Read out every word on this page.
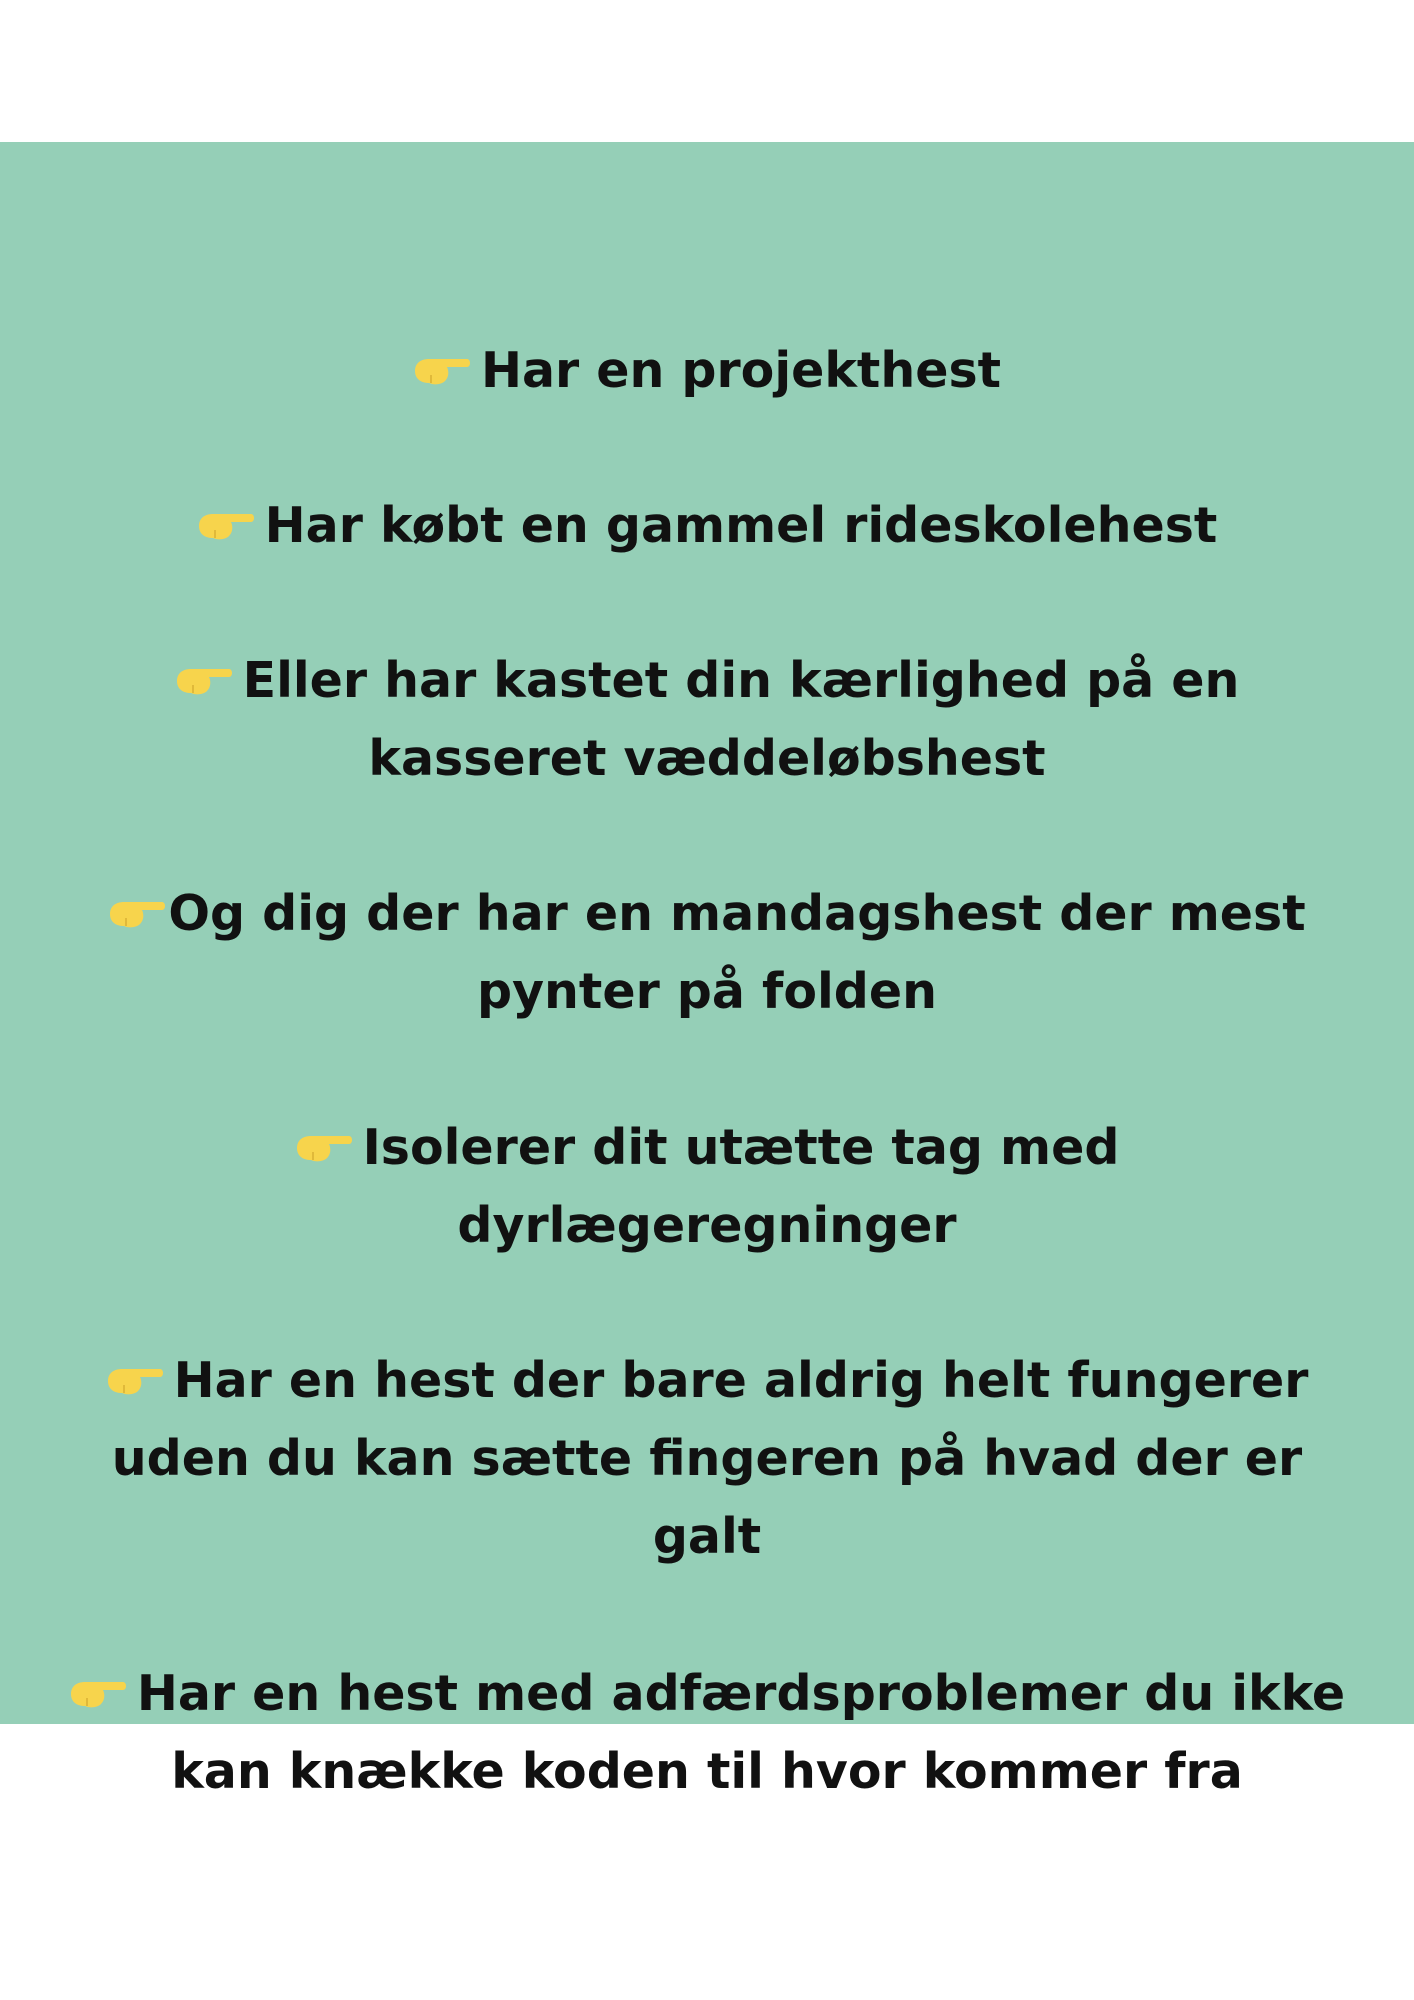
Har en projekthest

Har købt en gammel rideskolehest

Eller har kastet din kærlighed på en
kasseret væddeløbshest

Og dig der har en mandagshest der mest
pynter på folden

Isolerer dit utætte tag med
dyrlægeregninger

Har en hest der bare aldrig helt fungerer
uden du kan sætte fingeren på hvad der er
galt

Har en hest med adfærdsproblemer du ikke
kan knække koden til hvor kommer fra
